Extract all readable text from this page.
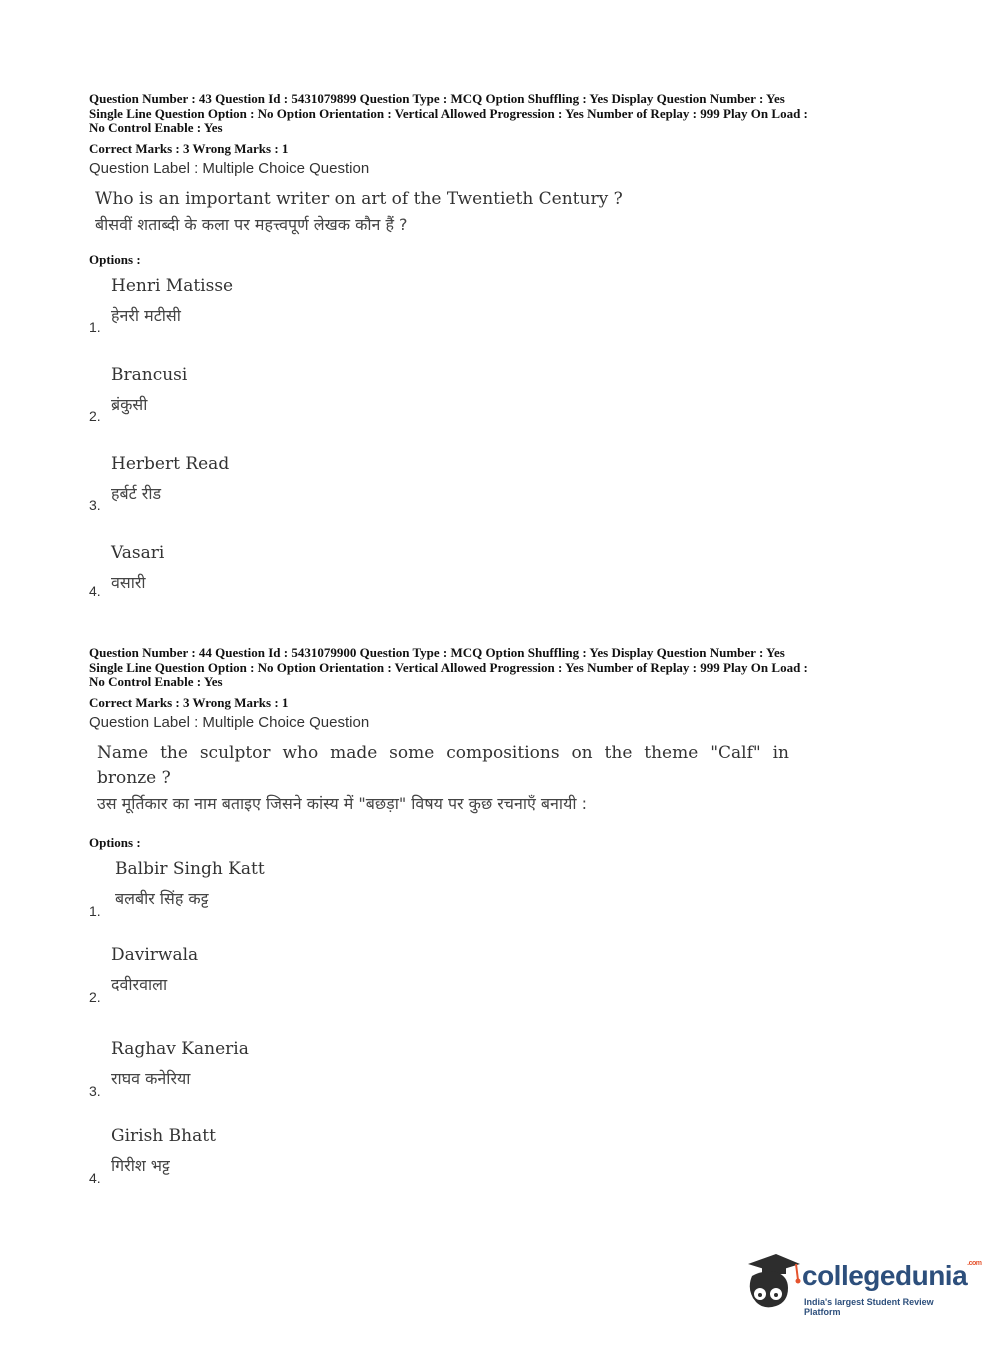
Question Number : 43 Question Id : 5431079899 Question Type : MCQ Option Shuffling : Yes Display Question Number : Yes
Single Line Question Option : No Option Orientation : Vertical Allowed Progression : Yes Number of Replay : 999 Play On Load :
No Control Enable : Yes
Correct Marks : 3 Wrong Marks : 1
Question Label : Multiple Choice Question
Who is an important writer on art of the Twentieth Century ?
बीसवीं शताब्दी के कला पर महत्त्वपूर्ण लेखक कौन हैं ?
Options :
1.
Henri Matisse
हेनरी मटीसी
2.
Brancusi
ब्रंकुसी
3.
Herbert Read
हर्बर्ट रीड
4.
Vasari
वसारी
Question Number : 44 Question Id : 5431079900 Question Type : MCQ Option Shuffling : Yes Display Question Number : Yes
Single Line Question Option : No Option Orientation : Vertical Allowed Progression : Yes Number of Replay : 999 Play On Load :
No Control Enable : Yes
Correct Marks : 3 Wrong Marks : 1
Question Label : Multiple Choice Question
Name the sculptor who made some compositions on the theme "Calf" in
bronze ?
उस मूर्तिकार का नाम बताइए जिसने कांस्य में "बछड़ा" विषय पर कुछ रचनाएँ बनायी :
Options :
1.
Balbir Singh Katt
बलबीर सिंह कट्ट
2.
Davirwala
दवीरवाला
3.
Raghav Kaneria
राघव कनेरिया
4.
Girish Bhatt
गिरीश भट्ट
collegedunia$^{.com}$
India's largest Student Review Platform
